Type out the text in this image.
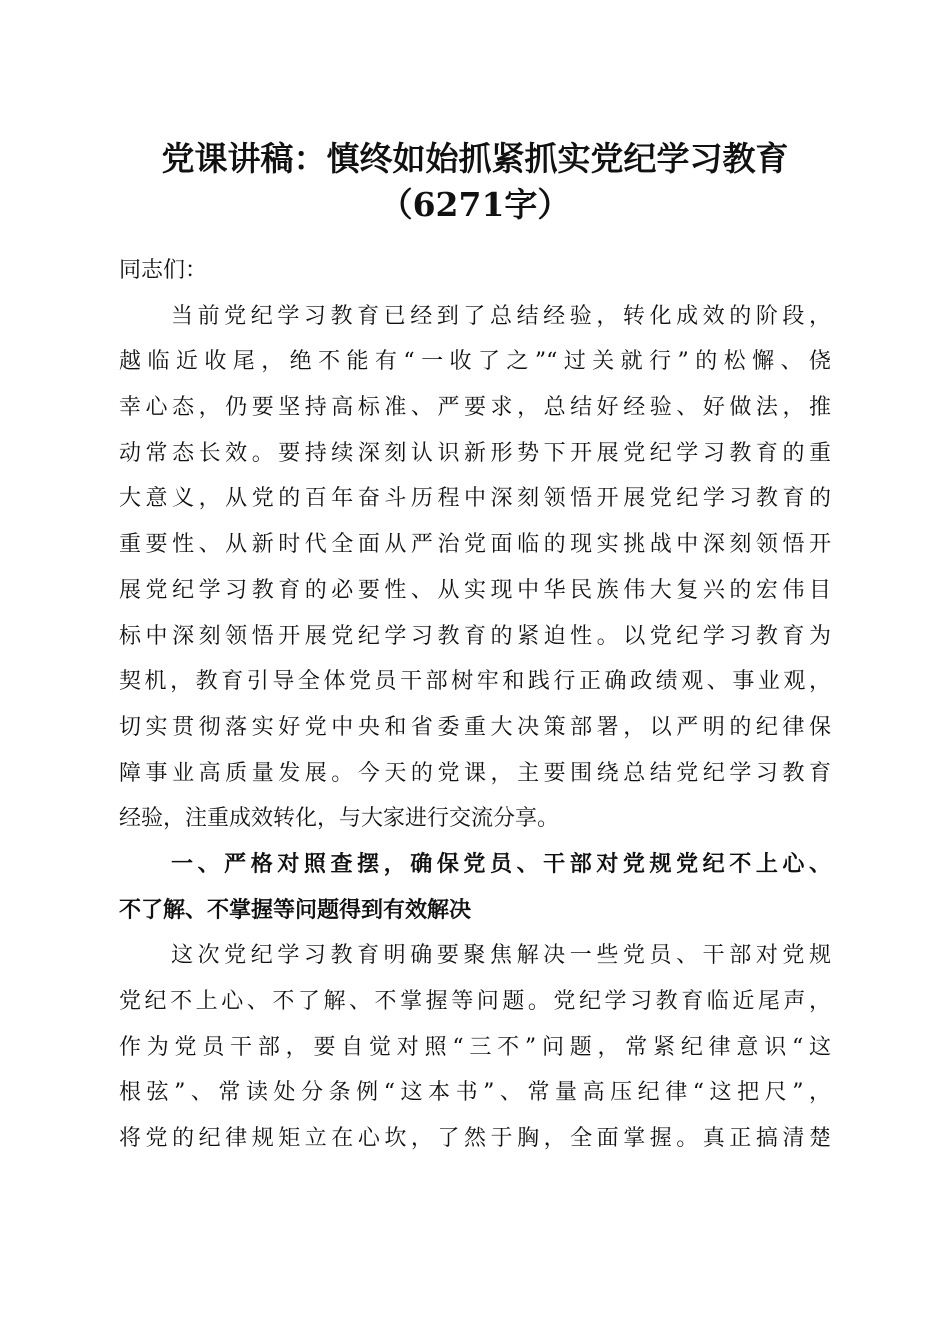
党课讲稿：慎终如始抓紧抓实党纪学习教育
（6271字）
同志们：
当前党纪学习教育已经到了总结经验，转化成效的阶段，
越临近收尾，绝不能有“一收了之”“过关就行”的松懈、侥
幸心态，仍要坚持高标准、严要求，总结好经验、好做法，推
动常态长效。要持续深刻认识新形势下开展党纪学习教育的重
大意义，从党的百年奋斗历程中深刻领悟开展党纪学习教育的
重要性、从新时代全面从严治党面临的现实挑战中深刻领悟开
展党纪学习教育的必要性、从实现中华民族伟大复兴的宏伟目
标中深刻领悟开展党纪学习教育的紧迫性。以党纪学习教育为
契机，教育引导全体党员干部树牢和践行正确政绩观、事业观，
切实贯彻落实好党中央和省委重大决策部署，以严明的纪律保
障事业高质量发展。今天的党课，主要围绕总结党纪学习教育
经验，注重成效转化，与大家进行交流分享。
一、严格对照查摆，确保党员、干部对党规党纪不上心、
不了解、不掌握等问题得到有效解决
这次党纪学习教育明确要聚焦解决一些党员、干部对党规
党纪不上心、不了解、不掌握等问题。党纪学习教育临近尾声，
作为党员干部，要自觉对照“三不”问题，常紧纪律意识“这
根弦”、常读处分条例“这本书”、常量高压纪律“这把尺”，
将党的纪律规矩立在心坎，了然于胸，全面掌握。真正搞清楚
